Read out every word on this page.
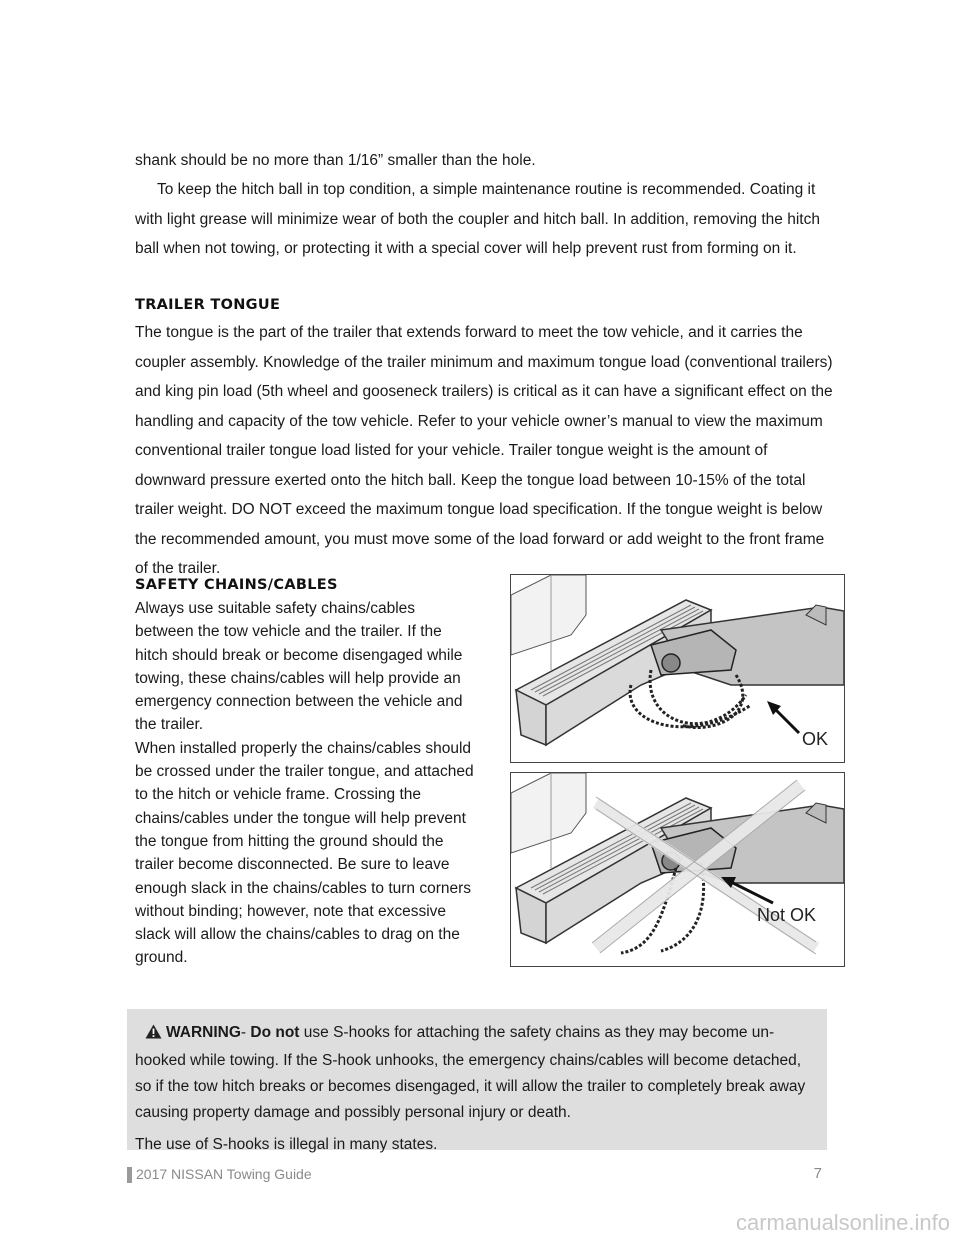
shank should be no more than 1/16” smaller than the hole.

To keep the hitch ball in top condition, a simple maintenance routine is recommended. Coating it with light grease will minimize wear of both the coupler and hitch ball. In addition, removing the hitch ball when not towing, or protecting it with a special cover will help prevent rust from forming on it.

TRAILER TONGUE

The tongue is the part of the trailer that extends forward to meet the tow vehicle, and it carries the coupler assembly. Knowledge of the trailer minimum and maximum tongue load (conventional trailers) and king pin load (5th wheel and gooseneck trailers) is critical as it can have a significant effect on the handling and capacity of the tow vehicle. Refer to your vehicle owner’s manual to view the maximum conventional trailer tongue load listed for your vehicle. Trailer tongue weight is the amount of downward pressure exerted onto the hitch ball. Keep the tongue load between 10-15% of the total trailer weight. DO NOT exceed the maximum tongue load specification. If the tongue weight is below the recommended amount, you must move some of the load forward or add weight to the front frame of the trailer.

SAFETY CHAINS/CABLES

Always use suitable safety chains/cables between the tow vehicle and the trailer. If the hitch should break or become disengaged while towing, these chains/cables will help provide an emergency connection between the vehicle and the trailer.

When installed properly the chains/cables should be crossed under the trailer tongue, and attached to the hitch or vehicle frame. Crossing the chains/cables under the tongue will help prevent the tongue from hitting the ground should the trailer become disconnected. Be sure to leave enough slack in the chains/cables to turn corners without binding; however, note that excessive slack will allow the chains/cables to drag on the ground.

OK
Not OK

WARNING- Do not use S-hooks for attaching the safety chains as they may become un-hooked while towing. If the S-hook unhooks, the emergency chains/cables will become detached, so if the tow hitch breaks or becomes disengaged, it will allow the trailer to completely break away causing property damage and possibly personal injury or death.

The use of S-hooks is illegal in many states.

2017 NISSAN Towing Guide	7
carmanualsonline.info
